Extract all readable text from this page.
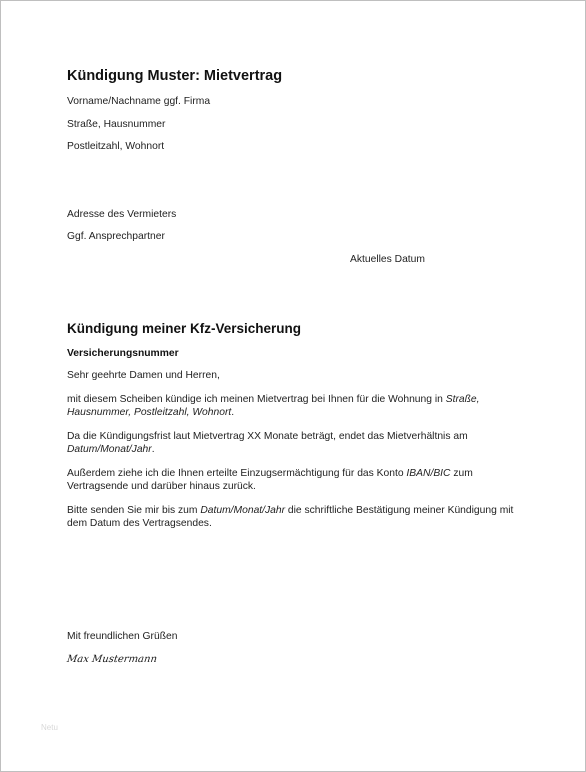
Kündigung Muster: Mietvertrag
Vorname/Nachname ggf. Firma
Straße, Hausnummer
Postleitzahl, Wohnort
Adresse des Vermieters
Ggf. Ansprechpartner
Aktuelles Datum
Kündigung meiner Kfz-Versicherung
Versicherungsnummer
Sehr geehrte Damen und Herren,
mit diesem Scheiben kündige ich meinen Mietvertrag bei Ihnen für die Wohnung in Straße,
Hausnummer, Postleitzahl, Wohnort.
Da die Kündigungsfrist laut Mietvertrag XX Monate beträgt, endet das Mietverhältnis am
Datum/Monat/Jahr.
Außerdem ziehe ich die Ihnen erteilte Einzugsermächtigung für das Konto IBAN/BIC zum
Vertragsende und darüber hinaus zurück.
Bitte senden Sie mir bis zum Datum/Monat/Jahr die schriftliche Bestätigung meiner Kündigung mit
dem Datum des Vertragsendes.
Mit freundlichen Grüßen
Max Mustermann
Netu
